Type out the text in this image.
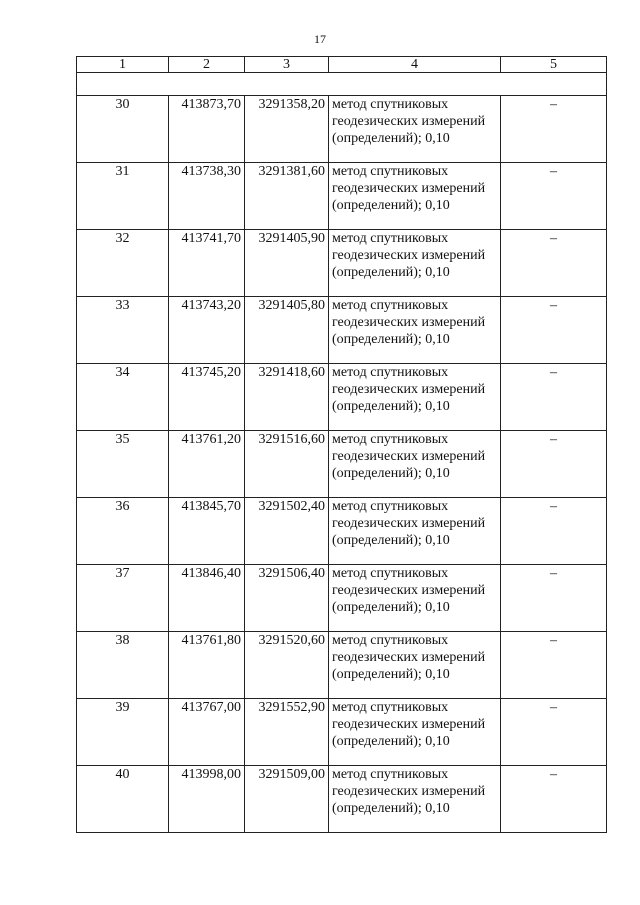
17
1	2	3	4	5

30	413873,70	3291358,20	метод спутниковых геодезических измерений (определений); 0,10	–
31	413738,30	3291381,60	метод спутниковых геодезических измерений (определений); 0,10	–
32	413741,70	3291405,90	метод спутниковых геодезических измерений (определений); 0,10	–
33	413743,20	3291405,80	метод спутниковых геодезических измерений (определений); 0,10	–
34	413745,20	3291418,60	метод спутниковых геодезических измерений (определений); 0,10	–
35	413761,20	3291516,60	метод спутниковых геодезических измерений (определений); 0,10	–
36	413845,70	3291502,40	метод спутниковых геодезических измерений (определений); 0,10	–
37	413846,40	3291506,40	метод спутниковых геодезических измерений (определений); 0,10	–
38	413761,80	3291520,60	метод спутниковых геодезических измерений (определений); 0,10	–
39	413767,00	3291552,90	метод спутниковых геодезических измерений (определений); 0,10	–
40	413998,00	3291509,00	метод спутниковых геодезических измерений (определений); 0,10	–
